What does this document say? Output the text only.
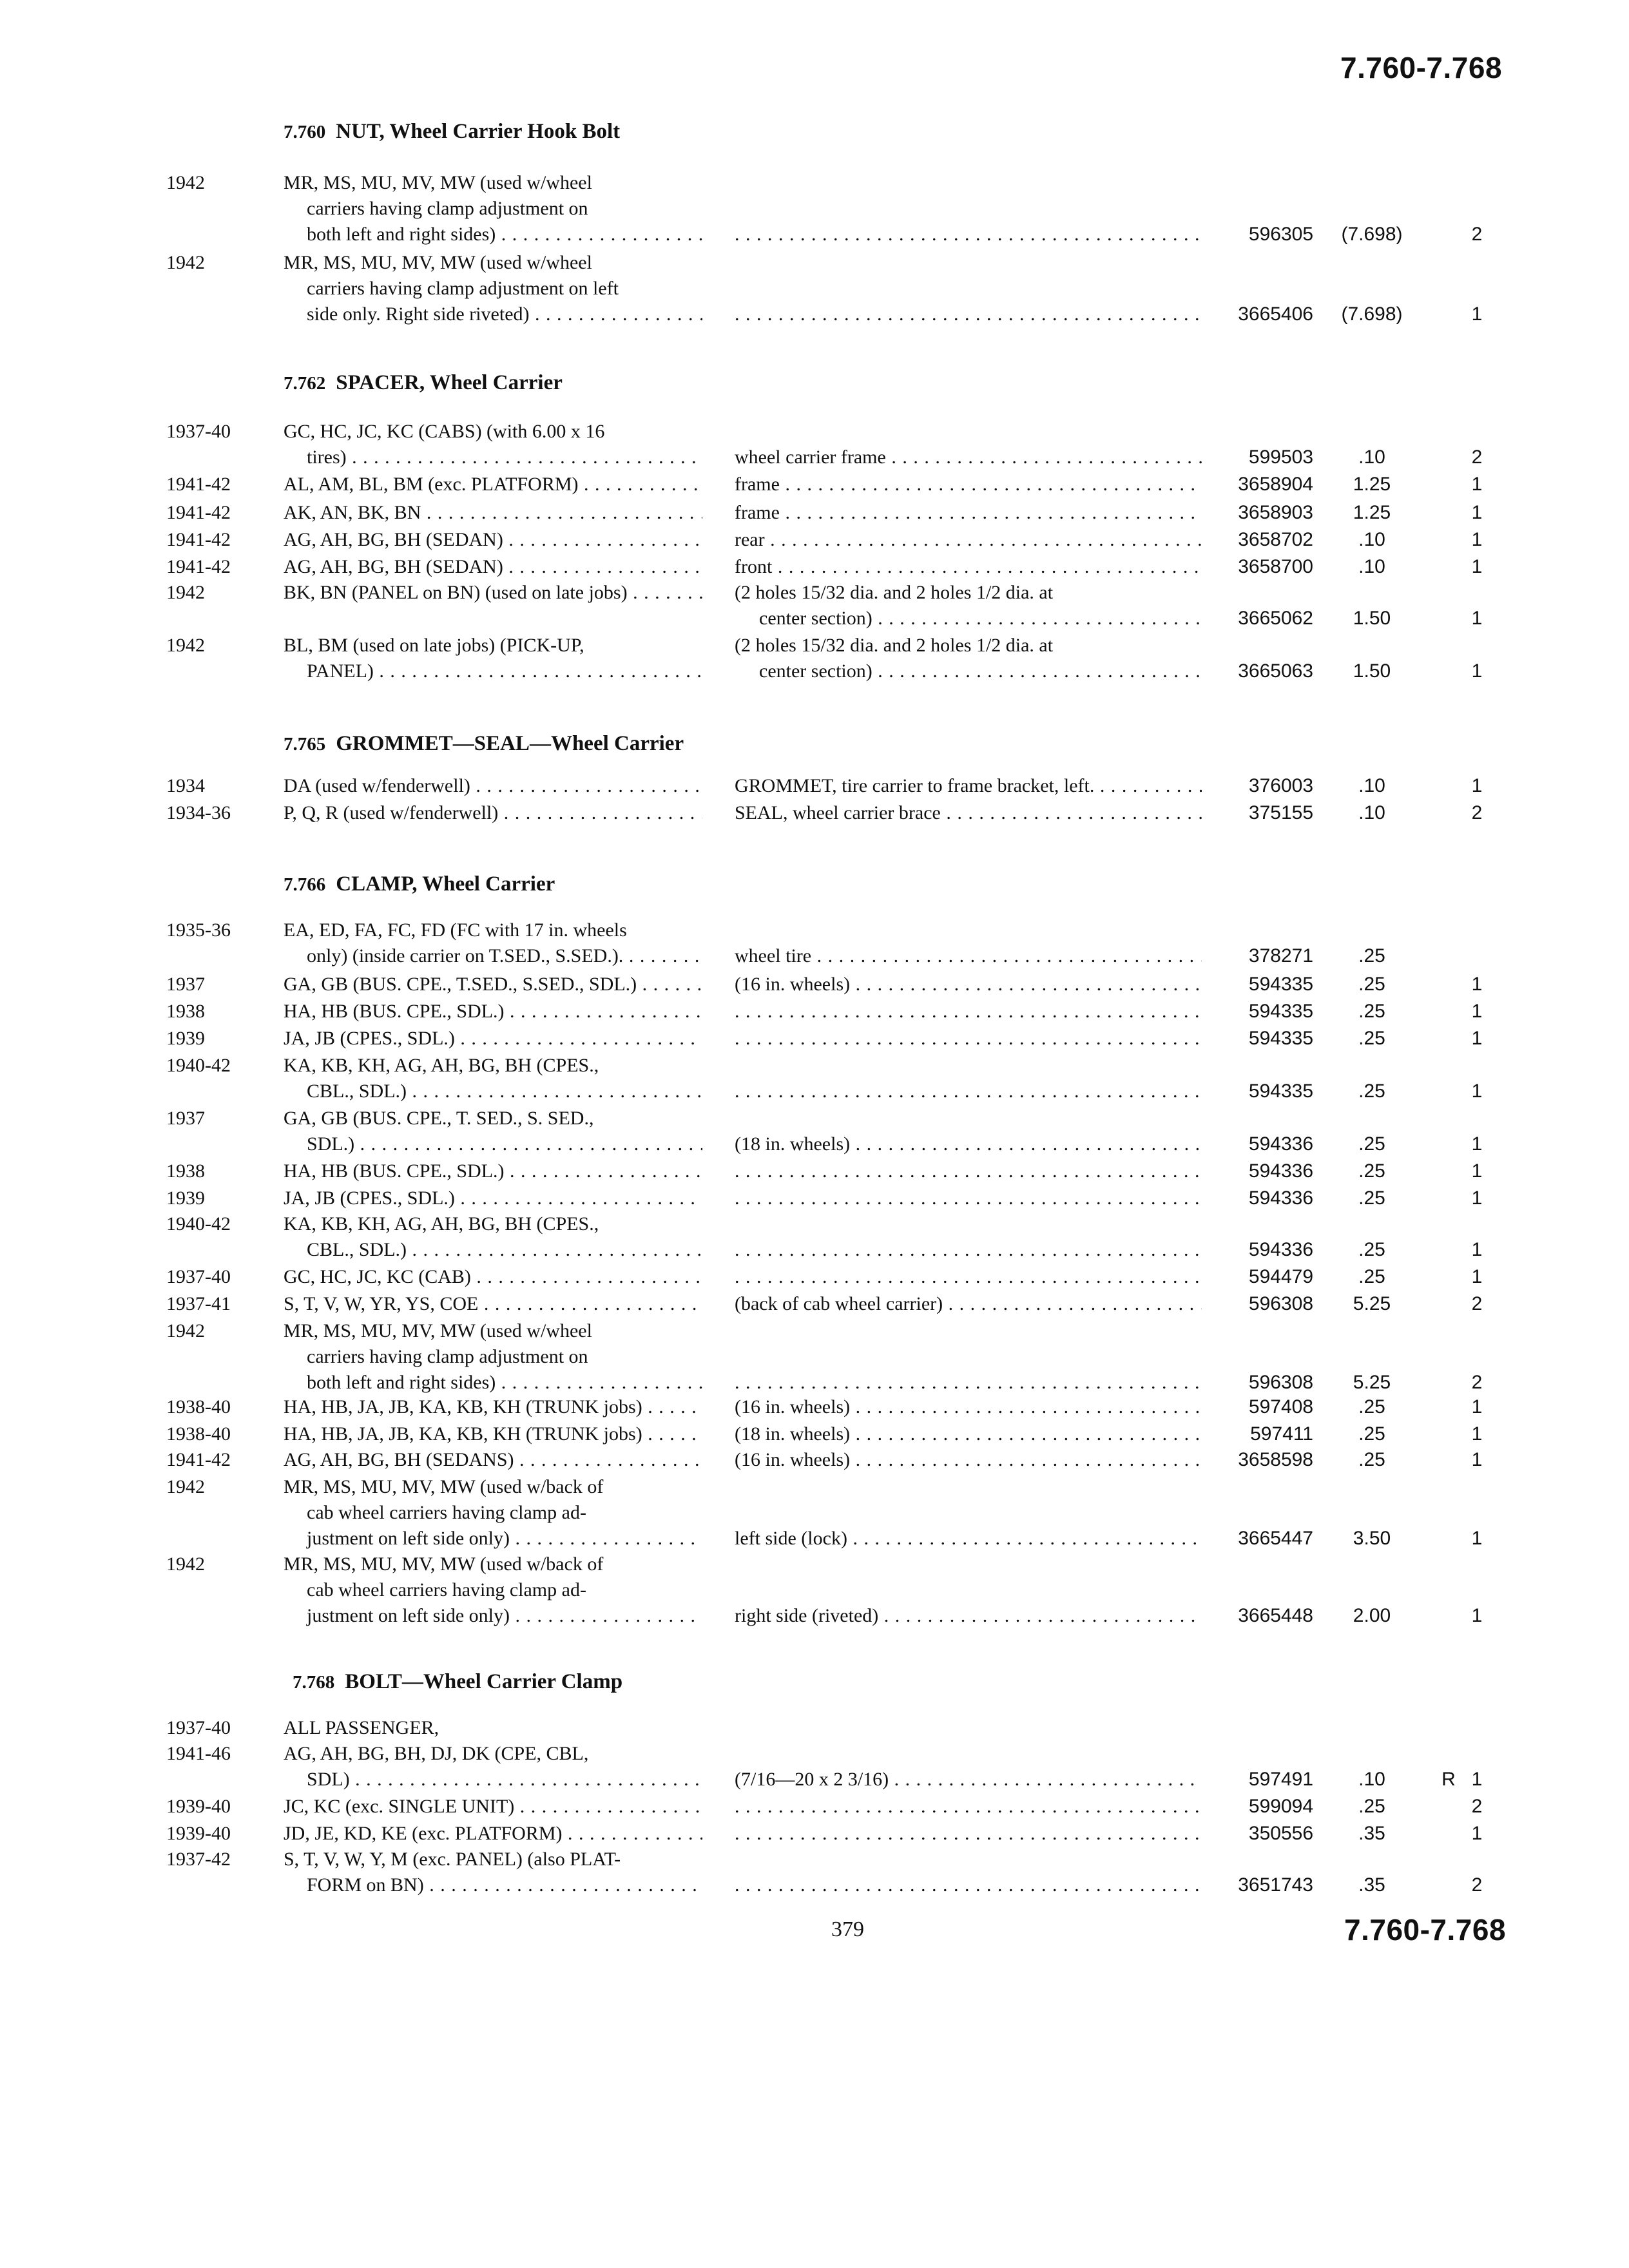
7.760-7.768
7.760 NUT, Wheel Carrier Hook Bolt
1942	MR, MS, MU, MV, MW (used w/wheel
carriers having clamp adjustment on
both left and right sides) . . . . . .	596305	(7.698)	2
1942	MR, MS, MU, MV, MW (used w/wheel
carriers having clamp adjustment on left
side only. Right side riveted) . . . . . .	3665406	(7.698)	1
7.762 SPACER, Wheel Carrier
1937-40	GC, HC, JC, KC (CABS) (with 6.00 x 16
tires) . . .	wheel carrier frame . . .	599503	.10	2
1941-42	AL, AM, BL, BM (exc. PLATFORM) . . .	frame . . .	3658904	1.25	1
1941-42	AK, AN, BK, BN . . .	frame . . .	3658903	1.25	1
1941-42	AG, AH, BG, BH (SEDAN) . . .	rear . . .	3658702	.10	1
1941-42	AG, AH, BG, BH (SEDAN) . . .	front . . .	3658700	.10	1
1942	BK, BN (PANEL on BN) (used on late jobs) . . .	(2 holes 15/32 dia. and 2 holes 1/2 dia. at
center section) . . .	3665062	1.50	1
1942	BL, BM (used on late jobs) (PICK-UP,
PANEL) . . .
(2 holes 15/32 dia. and 2 holes 1/2 dia. at
center section) . . .	3665063	1.50	1
7.765 GROMMET—SEAL—Wheel Carrier
1934	DA (used w/fenderwell) . . .	GROMMET, tire carrier to frame bracket, left. . . .	376003	.10	1
1934-36	P, Q, R (used w/fenderwell) . . .	SEAL, wheel carrier brace . . .	375155	.10	2
7.766 CLAMP, Wheel Carrier
1935-36	EA, ED, FA, FC, FD (FC with 17 in. wheels
only) (inside carrier on T.SED., S.SED.). . . .	wheel tire . . .	378271	.25
1937	GA, GB (BUS. CPE., T.SED., S.SED., SDL.) . . .	(16 in. wheels) . . .	594335	.25	1
1938	HA, HB (BUS. CPE., SDL.) . . . . . .	594335	.25	1
1939	JA, JB (CPES., SDL.) . . . . . .	594335	.25	1
1940-42	KA, KB, KH, AG, AH, BG, BH (CPES.,
CBL., SDL.) . . . . . .	594335	.25	1
1937	GA, GB (BUS. CPE., T. SED., S. SED.,
SDL.) . . .	(18 in. wheels) . . .	594336	.25	1
1938	HA, HB (BUS. CPE., SDL.) . . . . . .	594336	.25	1
1939	JA, JB (CPES., SDL.) . . . . . .	594336	.25	1
1940-42	KA, KB, KH, AG, AH, BG, BH (CPES.,
CBL., SDL.) . . . . . .	594336	.25	1
1937-40	GC, HC, JC, KC (CAB) . . . . . .	594479	.25	1
1937-41	S, T, V, W, YR, YS, COE . . .	(back of cab wheel carrier) . . .	596308	5.25	2
1942	MR, MS, MU, MV, MW (used w/wheel
carriers having clamp adjustment on
both left and right sides) . . . . . .	596308	5.25	2
1938-40	HA, HB, JA, JB, KA, KB, KH (TRUNK jobs) . . .	(16 in. wheels) . . .	597408	.25	1
1938-40	HA, HB, JA, JB, KA, KB, KH (TRUNK jobs) . . .	(18 in. wheels) . . .	597411	.25	1
1941-42	AG, AH, BG, BH (SEDANS) . . .	(16 in. wheels) . . .	3658598	.25	1
1942	MR, MS, MU, MV, MW (used w/back of
cab wheel carriers having clamp ad-
justment on left side only) . . .	left side (lock) . . .	3665447	3.50	1
1942	MR, MS, MU, MV, MW (used w/back of
cab wheel carriers having clamp ad-
justment on left side only) . . .	right side (riveted) . . .	3665448	2.00	1
7.768 BOLT—Wheel Carrier Clamp
1937-40	ALL PASSENGER,
1941-46	AG, AH, BG, BH, DJ, DK (CPE, CBL,
SDL) . . .	(7/16—20 x 2 3/16) . . .	597491	.10	R 1
1939-40	JC, KC (exc. SINGLE UNIT) . . . . . .	599094	.25	2
1939-40	JD, JE, KD, KE (exc. PLATFORM) . . . . . .	350556	.35	1
1937-42	S, T, V, W, Y, M (exc. PANEL) (also PLAT-
FORM on BN) . . . . . .	3651743	.35	2
379	7.760-7.768
